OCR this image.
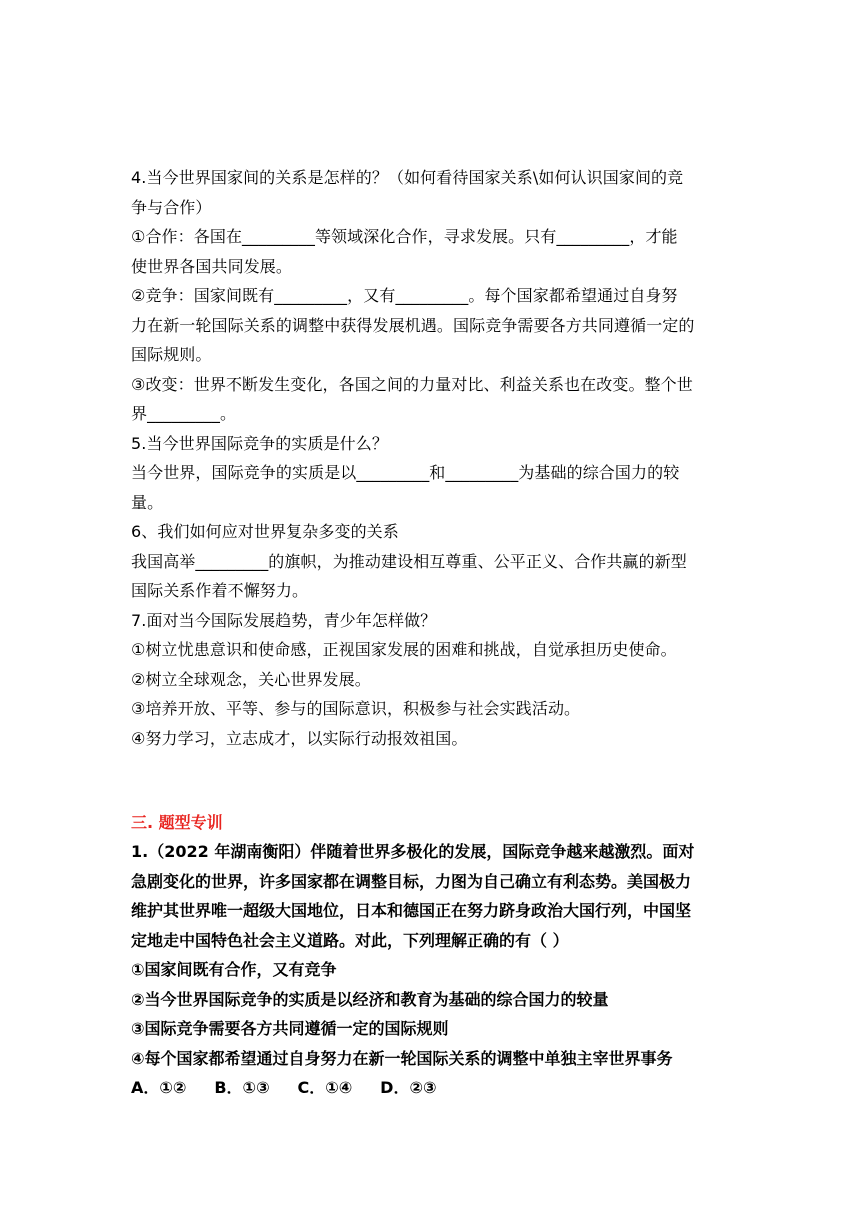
4.当今世界国家间的关系是怎样的？（如何看待国家关系\如何认识国家间的竞
争与合作）
①合作：各国在_________等领域深化合作，寻求发展。只有_________，才能
使世界各国共同发展。
②竞争：国家间既有_________，又有_________。每个国家都希望通过自身努
力在新一轮国际关系的调整中获得发展机遇。国际竞争需要各方共同遵循一定的
国际规则。
③改变：世界不断发生变化，各国之间的力量对比、利益关系也在改变。整个世
界_________。
5.当今世界国际竞争的实质是什么？
当今世界，国际竞争的实质是以_________和_________为基础的综合国力的较
量。
6、我们如何应对世界复杂多变的关系
我国高举_________的旗帜，为推动建设相互尊重、公平正义、合作共赢的新型
国际关系作着不懈努力。
7.面对当今国际发展趋势，青少年怎样做？
①树立忧患意识和使命感，正视国家发展的困难和挑战，自觉承担历史使命。
②树立全球观念，关心世界发展。
③培养开放、平等、参与的国际意识，积极参与社会实践活动。
④努力学习，立志成才，以实际行动报效祖国。
三. 题型专训
1.（2022 年湖南衡阳）伴随着世界多极化的发展，国际竞争越来越激烈。面对
急剧变化的世界，许多国家都在调整目标，力图为自己确立有利态势。美国极力
维护其世界唯一超级大国地位，日本和德国正在努力跻身政治大国行列，中国坚
定地走中国特色社会主义道路。对此，下列理解正确的有（ ）
①国家间既有合作，又有竞争
②当今世界国际竞争的实质是以经济和教育为基础的综合国力的较量
③国际竞争需要各方共同遵循一定的国际规则
④每个国家都希望通过自身努力在新一轮国际关系的调整中单独主宰世界事务
A．①②     B．①③     C．①④     D．②③
